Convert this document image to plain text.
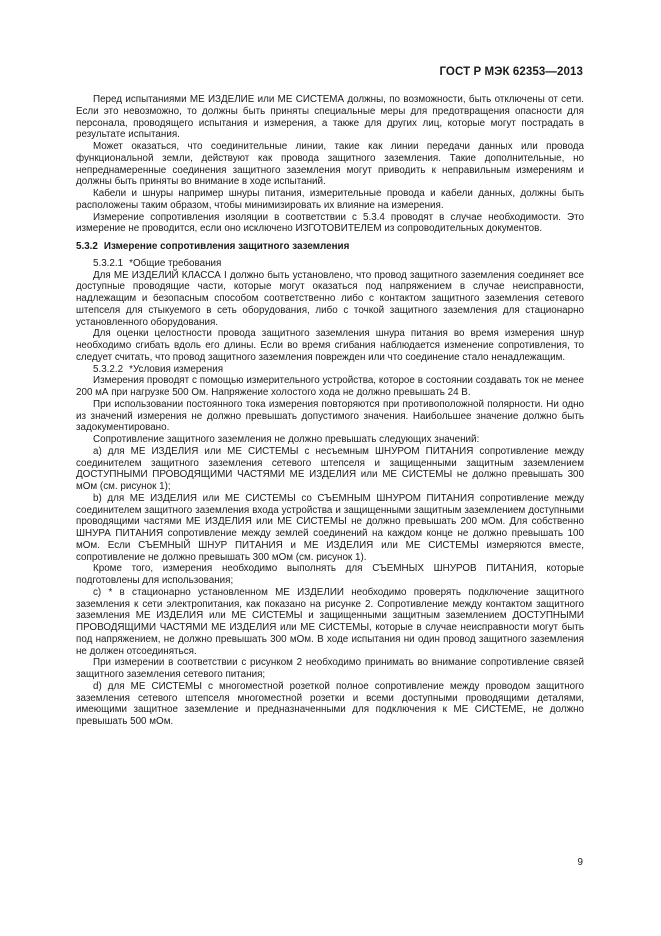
ГОСТ Р МЭК 62353—2013

Перед испытаниями МЕ ИЗДЕЛИЕ или МЕ СИСТЕМА должны, по возможности, быть отключены от сети. Если это невозможно, то должны быть приняты специальные меры для предотвращения опасности для персонала, проводящего испытания и измерения, а также для других лиц, которые могут пострадать в результате испытания.

Может оказаться, что соединительные линии, такие как линии передачи данных или провода функциональной земли, действуют как провода защитного заземления. Такие дополнительные, но непреднамеренные соединения защитного заземления могут приводить к неправильным измерениям и должны быть приняты во внимание в ходе испытаний.

Кабели и шнуры например шнуры питания, измерительные провода и кабели данных, должны быть расположены таким образом, чтобы минимизировать их влияние на измерения.

Измерение сопротивления изоляции в соответствии с 5.3.4 проводят в случае необходимости. Это измерение не проводится, если оно исключено ИЗГОТОВИТЕЛЕМ из сопроводительных документов.

5.3.2 Измерение сопротивления защитного заземления

5.3.2.1 *Общие требования

Для МЕ ИЗДЕЛИЙ КЛАССА I должно быть установлено, что провод защитного заземления соединяет все доступные проводящие части, которые могут оказаться под напряжением в случае неисправности, надлежащим и безопасным способом соответственно либо с контактом защитного заземления сетевого штепселя для стыкуемого в сеть оборудования, либо с точкой защитного заземления для стационарно установленного оборудования.

Для оценки целостности провода защитного заземления шнура питания во время измерения шнур необходимо сгибать вдоль его длины. Если во время сгибания наблюдается изменение сопротивления, то следует считать, что провод защитного заземления поврежден или что соединение стало ненадлежащим.

5.3.2.2 *Условия измерения

Измерения проводят с помощью измерительного устройства, которое в состоянии создавать ток не менее 200 мА при нагрузке 500 Ом. Напряжение холостого хода не должно превышать 24 В.

При использовании постоянного тока измерения повторяются при противоположной полярности. Ни одно из значений измерения не должно превышать допустимого значения. Наибольшее значение должно быть задокументировано.

Сопротивление защитного заземления не должно превышать следующих значений:

а) для МЕ ИЗДЕЛИЯ или МЕ СИСТЕМЫ с несъемным ШНУРОМ ПИТАНИЯ сопротивление между соединителем защитного заземления сетевого штепселя и защищенными защитным заземлением ДОСТУПНЫМИ ПРОВОДЯЩИМИ ЧАСТЯМИ МЕ ИЗДЕЛИЯ или МЕ СИСТЕМЫ не должно превышать 300 мОм (см. рисунок 1);

b) для МЕ ИЗДЕЛИЯ или МЕ СИСТЕМЫ со СЪЕМНЫМ ШНУРОМ ПИТАНИЯ сопротивление между соединителем защитного заземления входа устройства и защищенными защитным заземлением доступными проводящими частями МЕ ИЗДЕЛИЯ или МЕ СИСТЕМЫ не должно превышать 200 мОм. Для собственно ШНУРА ПИТАНИЯ сопротивление между землей соединений на каждом конце не должно превышать 100 мОм. Если СЪЕМНЫЙ ШНУР ПИТАНИЯ и МЕ ИЗДЕЛИЯ или МЕ СИСТЕМЫ измеряются вместе, сопротивление не должно превышать 300 мОм (см. рисунок 1).

Кроме того, измерения необходимо выполнять для СЪЕМНЫХ ШНУРОВ ПИТАНИЯ, которые подготовлены для использования;

с) * в стационарно установленном МЕ ИЗДЕЛИИ необходимо проверять подключение защитного заземления к сети электропитания, как показано на рисунке 2. Сопротивление между контактом защитного заземления МЕ ИЗДЕЛИЯ или МЕ СИСТЕМЫ и защищенными защитным заземлением ДОСТУПНЫМИ ПРОВОДЯЩИМИ ЧАСТЯМИ МЕ ИЗДЕЛИЯ или МЕ СИСТЕМЫ, которые в случае неисправности могут быть под напряжением, не должно превышать 300 мОм. В ходе испытания ни один провод защитного заземления не должен отсоединяться.

При измерении в соответствии с рисунком 2 необходимо принимать во внимание сопротивление связей защитного заземления сетевого питания;

d) для МЕ СИСТЕМЫ с многоместной розеткой полное сопротивление между проводом защитного заземления сетевого штепселя многоместной розетки и всеми доступными проводящими деталями, имеющими защитное заземление и предназначенными для подключения к МЕ СИСТЕМЕ, не должно превышать 500 мОм.

9
